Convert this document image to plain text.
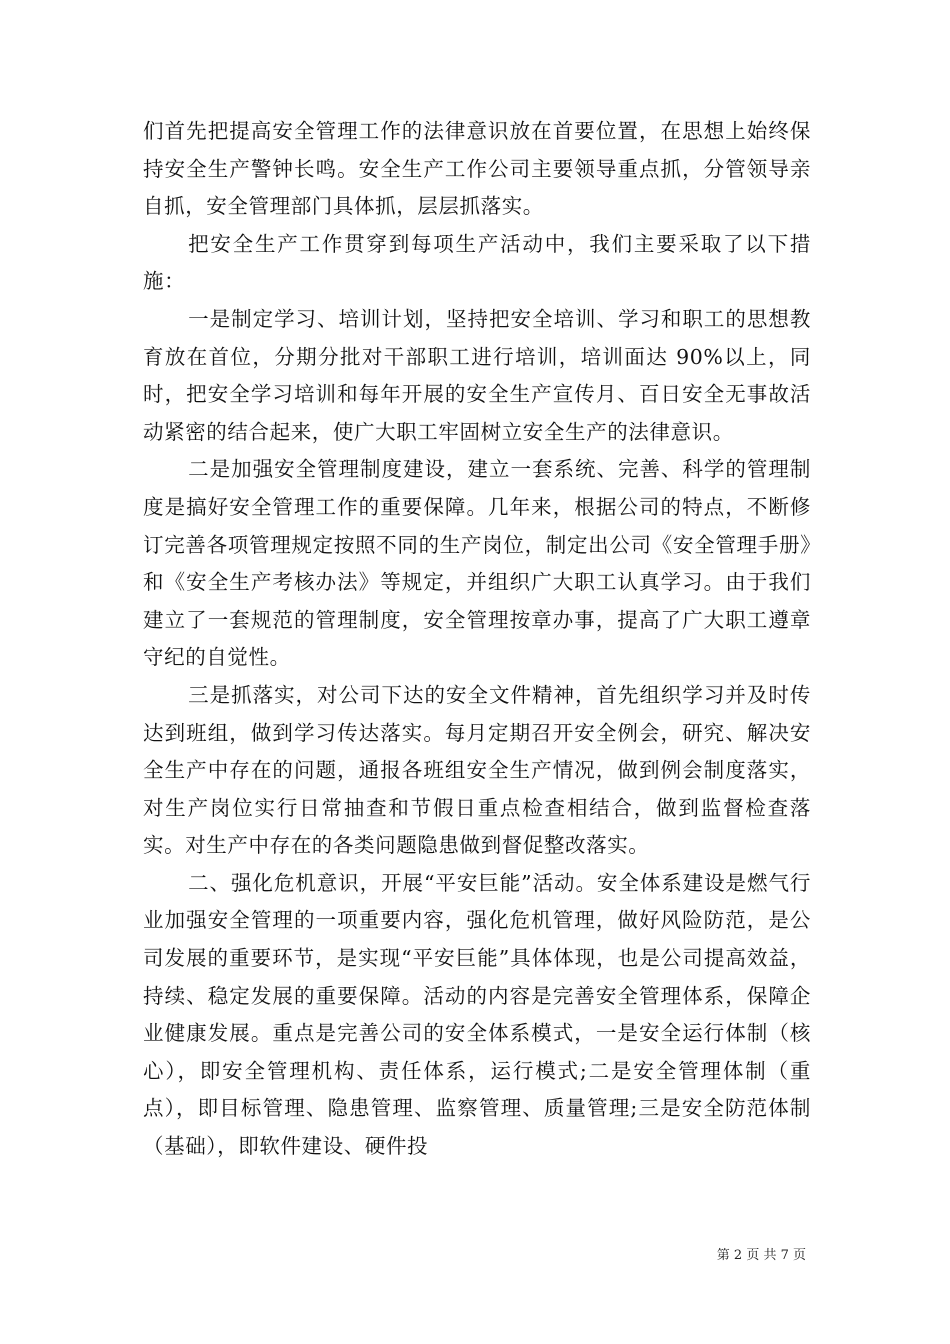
们首先把提高安全管理工作的法律意识放在首要位置，在思想上始终保持安全生产警钟长鸣。安全生产工作公司主要领导重点抓，分管领导亲自抓，安全管理部门具体抓，层层抓落实。

把安全生产工作贯穿到每项生产活动中，我们主要采取了以下措施：

一是制定学习、培训计划，坚持把安全培训、学习和职工的思想教育放在首位，分期分批对干部职工进行培训，培训面达 90%以上，同时，把安全学习培训和每年开展的安全生产宣传月、百日安全无事故活动紧密的结合起来，使广大职工牢固树立安全生产的法律意识。

二是加强安全管理制度建设，建立一套系统、完善、科学的管理制度是搞好安全管理工作的重要保障。几年来，根据公司的特点，不断修订完善各项管理规定按照不同的生产岗位，制定出公司《安全管理手册》和《安全生产考核办法》等规定，并组织广大职工认真学习。由于我们建立了一套规范的管理制度，安全管理按章办事，提高了广大职工遵章守纪的自觉性。

三是抓落实，对公司下达的安全文件精神，首先组织学习并及时传达到班组，做到学习传达落实。每月定期召开安全例会，研究、解决安全生产中存在的问题，通报各班组安全生产情况，做到例会制度落实，对生产岗位实行日常抽查和节假日重点检查相结合，做到监督检查落实。对生产中存在的各类问题隐患做到督促整改落实。

二、强化危机意识，开展“平安巨能”活动。安全体系建设是燃气行业加强安全管理的一项重要内容，强化危机管理，做好风险防范，是公司发展的重要环节，是实现“平安巨能”具体体现，也是公司提高效益，持续、稳定发展的重要保障。活动的内容是完善安全管理体系，保障企业健康发展。重点是完善公司的安全体系模式，一是安全运行体制（核心），即安全管理机构、责任体系，运行模式;二是安全管理体制（重点），即目标管理、隐患管理、监察管理、质量管理;三是安全防范体制（基础），即软件建设、硬件投

第 2 页 共 7 页
